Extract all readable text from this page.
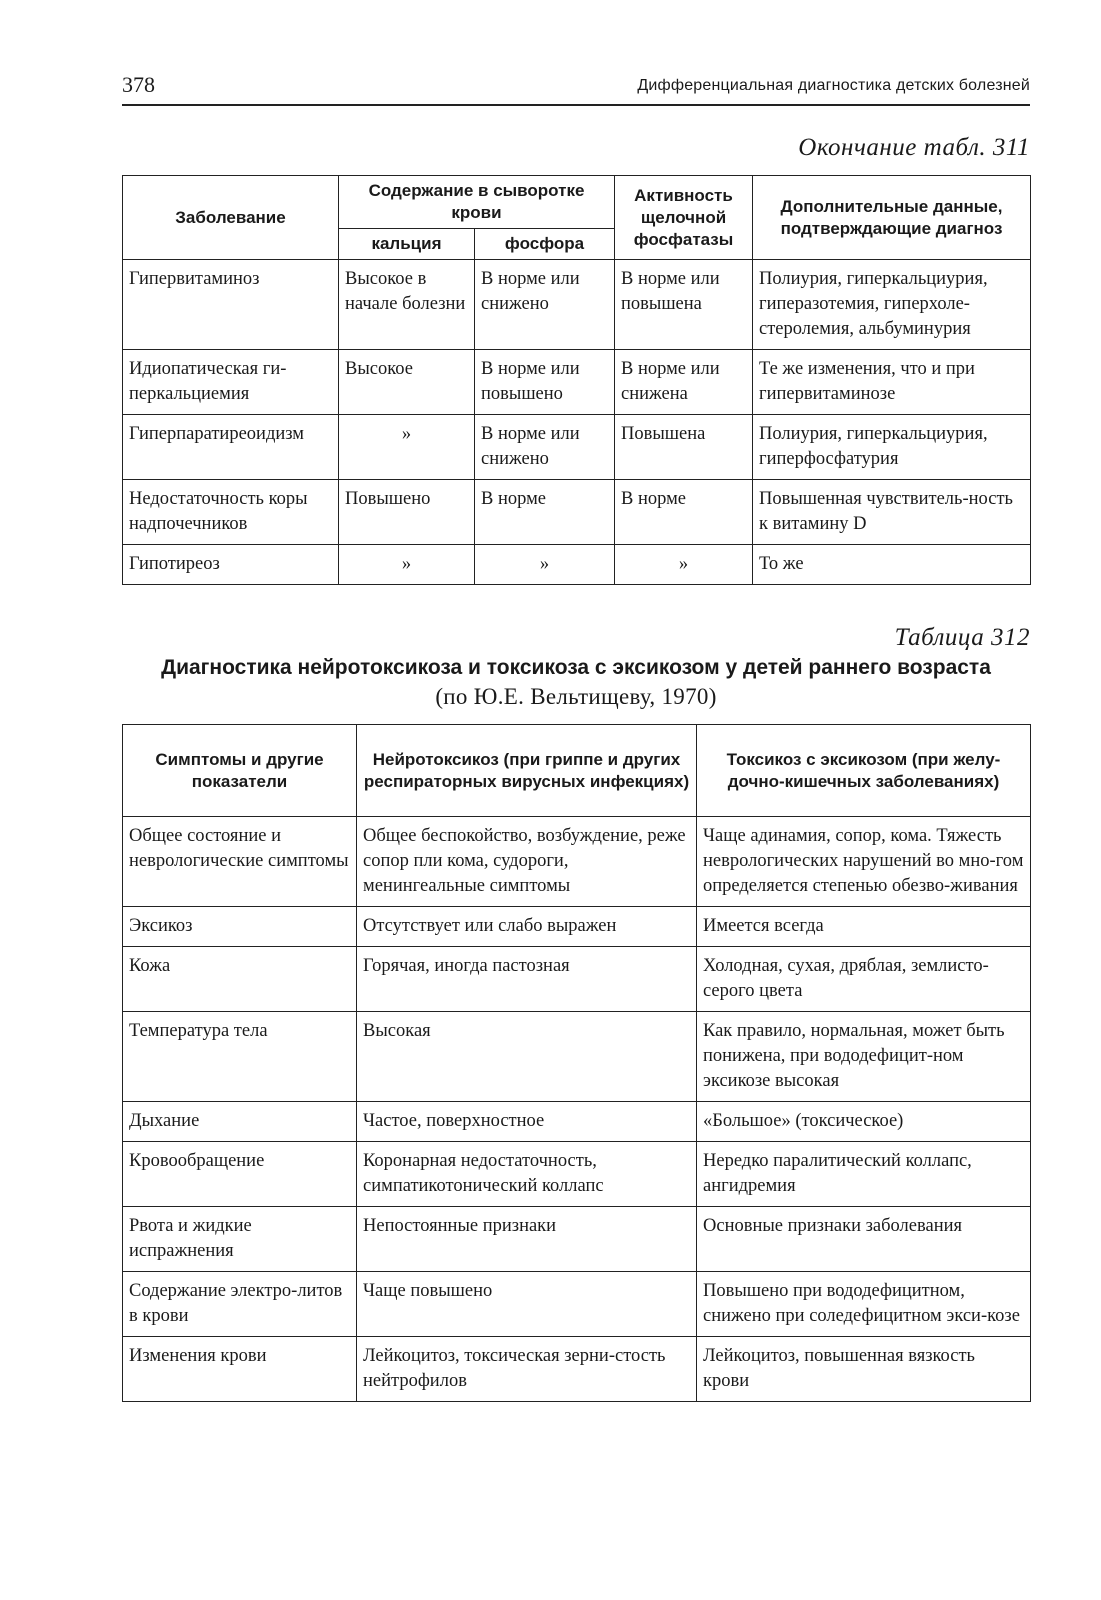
378	Дифференциальная диагностика детских болезней
Окончание табл. 311
Заболевание	Содержание в сыворотке крови		Активность щелочной фосфатазы	Дополнительные данные, подтверждающие диагноз
	кальция	фосфора		
Гипервитаминоз	Высокое в начале болезни	В норме или снижено	В норме или повышена	Полиурия, гиперкальциурия, гиперазотемия, гиперхоле-стеролемия, альбуминурия
Идиопатическая ги-перкальциемия	Высокое	В норме или повышено	В норме или снижена	Те же изменения, что и при гипервитаминозе
Гиперпаратиреоидизм	»	В норме или снижено	Повышена	Полиурия, гиперкальциурия, гиперфосфатурия
Недостаточность коры надпочечников	Повышено	В норме	В норме	Повышенная чувствитель-ность к витамину D
Гипотиреоз	»	»	»	То же
Таблица 312
Диагностика нейротоксикоза и токсикоза с эксикозом у детей раннего возраста
(по Ю.Е. Вельтищеву, 1970)
Симптомы и другие показатели	Нейротоксикоз (при гриппе и других респираторных вирусных инфекциях)	Токсикоз с эксикозом (при желу-дочно-кишечных заболеваниях)
Общее состояние и неврологические симптомы	Общее беспокойство, возбуждение, реже сопор пли кома, судороги, менингеальные симптомы	Чаще адинамия, сопор, кома. Тяжесть неврологических нарушений во мно-гом определяется степенью обезво-живания
Эксикоз	Отсутствует или слабо выражен	Имеется всегда
Кожа	Горячая, иногда пастозная	Холодная, сухая, дряблая, землисто-серого цвета
Температура тела	Высокая	Как правило, нормальная, может быть понижена, при вододефицит-ном эксикозе высокая
Дыхание	Частое, поверхностное	«Большое» (токсическое)
Кровообращение	Коронарная недостаточность, симпатикотонический коллапс	Нередко паралитический коллапс, ангидремия
Рвота и жидкие испражнения	Непостоянные признаки	Основные признаки заболевания
Содержание электро-литов в крови	Чаще повышено	Повышено при вододефицитном, снижено при соледефицитном экси-козе
Изменения крови	Лейкоцитоз, токсическая зерни-стость нейтрофилов	Лейкоцитоз, повышенная вязкость крови
